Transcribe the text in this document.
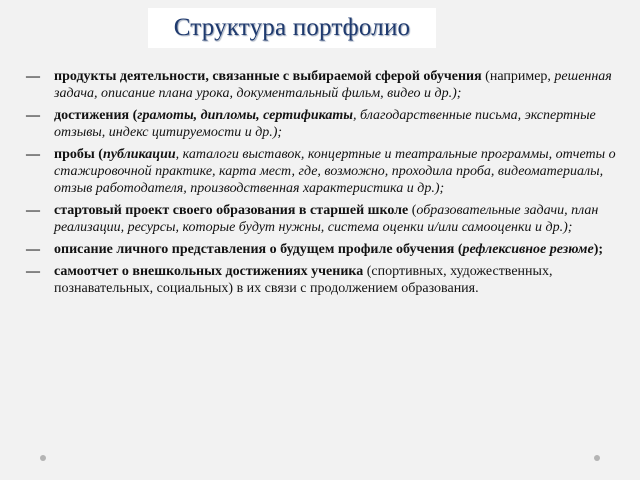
Структура портфолио
— продукты деятельности, связанные с выбираемой сферой обучения (например, решенная задача, описание плана урока, документальный фильм, видео и др.);
— достижения (грамоты, дипломы, сертификаты, благодарственные письма, экспертные отзывы, индекс цитируемости и др.);
— пробы (публикации, каталоги выставок, концертные и театральные программы, отчеты о стажировочной практике, карта мест, где, возможно, проходила проба, видеоматериалы, отзыв работодателя, производственная характеристика и др.);
— стартовый проект своего образования в старшей школе (образовательные задачи, план реализации, ресурсы, которые будут нужны, система оценки и/или самооценки и др.);
— описание личного представления о будущем профиле обучения (рефлексивное резюме);
— самоотчет о внешкольных достижениях ученика (спортивных, художественных, познавательных, социальных) в их связи с продолжением образования.
